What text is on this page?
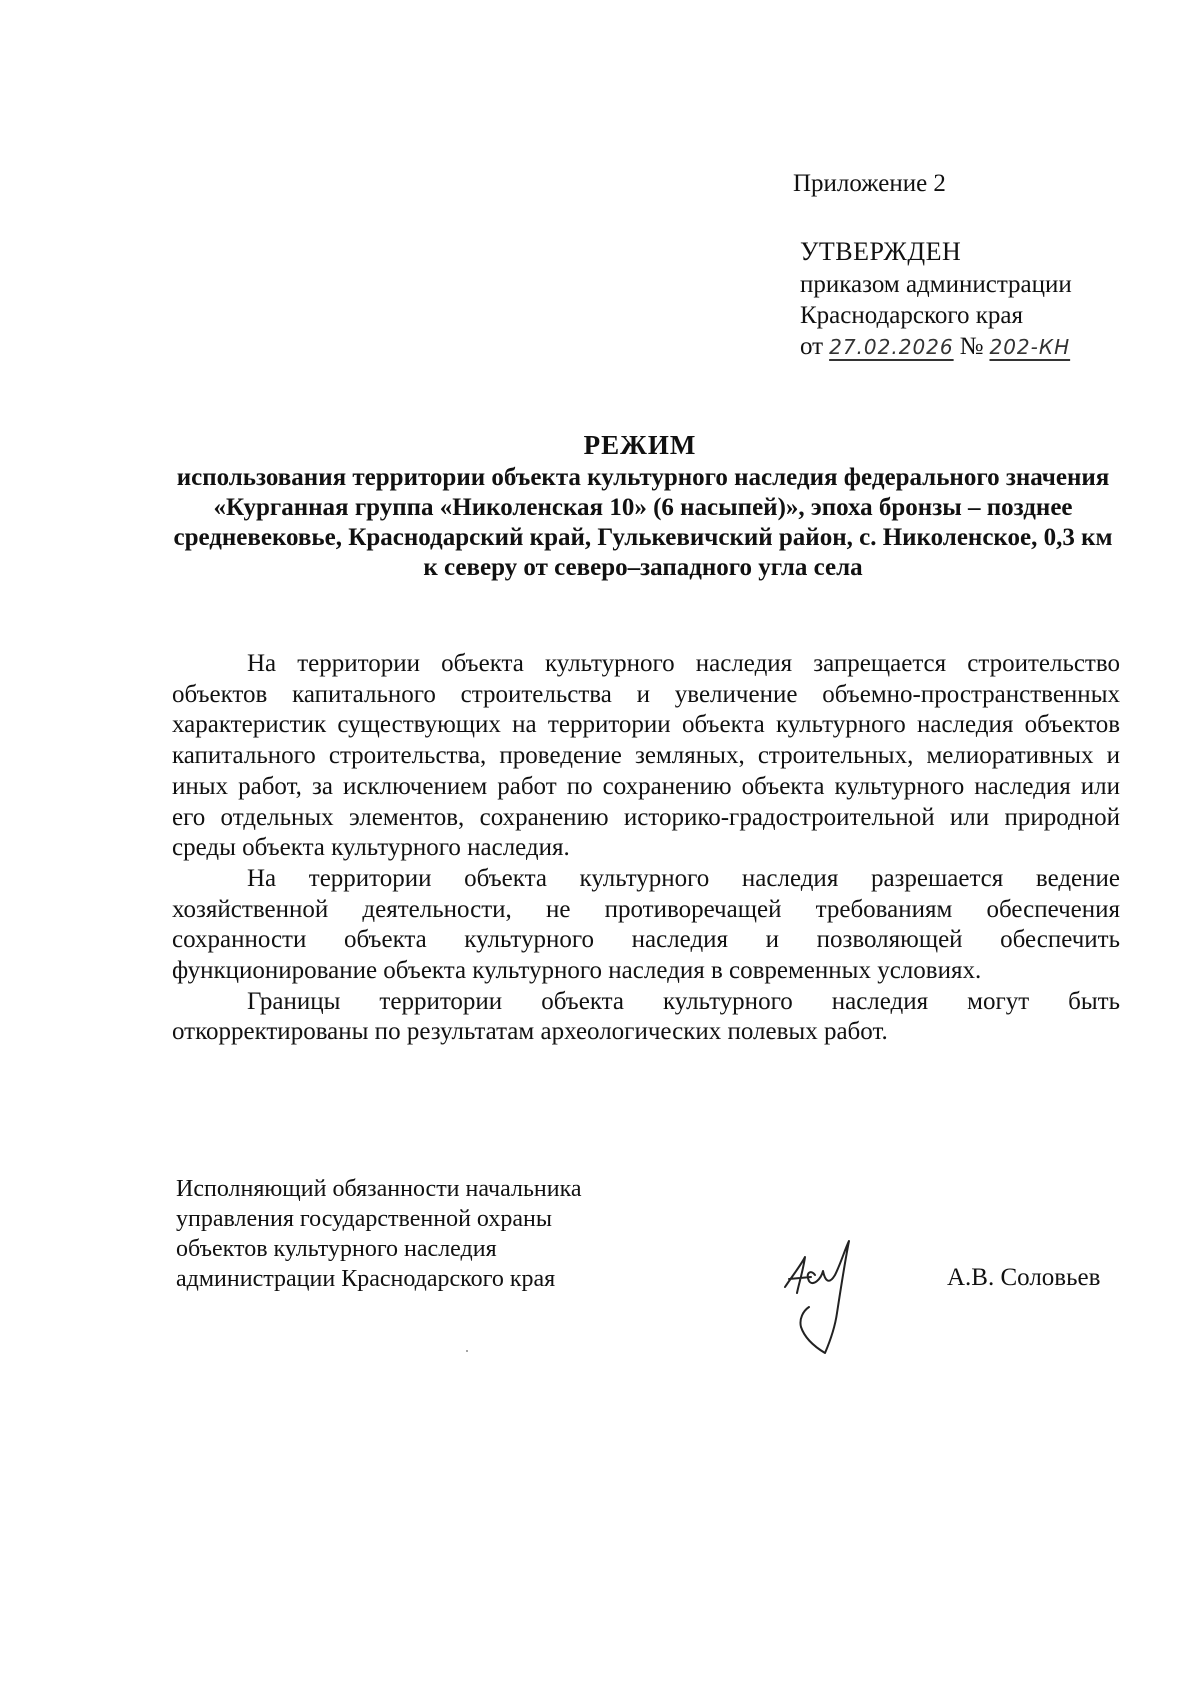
Приложение 2
УТВЕРЖДЕН
приказом администрации
Краснодарского края
от 27.02.2026 № 202-КН
РЕЖИМ
использования территории объекта культурного наследия федерального значения «Курганная группа «Николенская 10» (6 насыпей)», эпоха бронзы – позднее средневековье, Краснодарский край, Гулькевичский район, с. Николенское, 0,3 км к северу от северо–западного угла села

На территории объекта культурного наследия запрещается строительство объектов капитального строительства и увеличение объемно-пространственных характеристик существующих на территории объекта культурного наследия объектов капитального строительства, проведение земляных, строительных, мелиоративных и иных работ, за исключением работ по сохранению объекта культурного наследия или его отдельных элементов, сохранению историко-градостроительной или природной среды объекта культурного наследия.

На территории объекта культурного наследия разрешается ведение хозяйственной деятельности, не противоречащей требованиям обеспечения сохранности объекта культурного наследия и позволяющей обеспечить функционирование объекта культурного наследия в современных условиях.

Границы территории объекта культурного наследия могут быть откорректированы по результатам археологических полевых работ.

Исполняющий обязанности начальника
управления государственной охраны
объектов культурного наследия
администрации Краснодарского края	А.В. Соловьев
